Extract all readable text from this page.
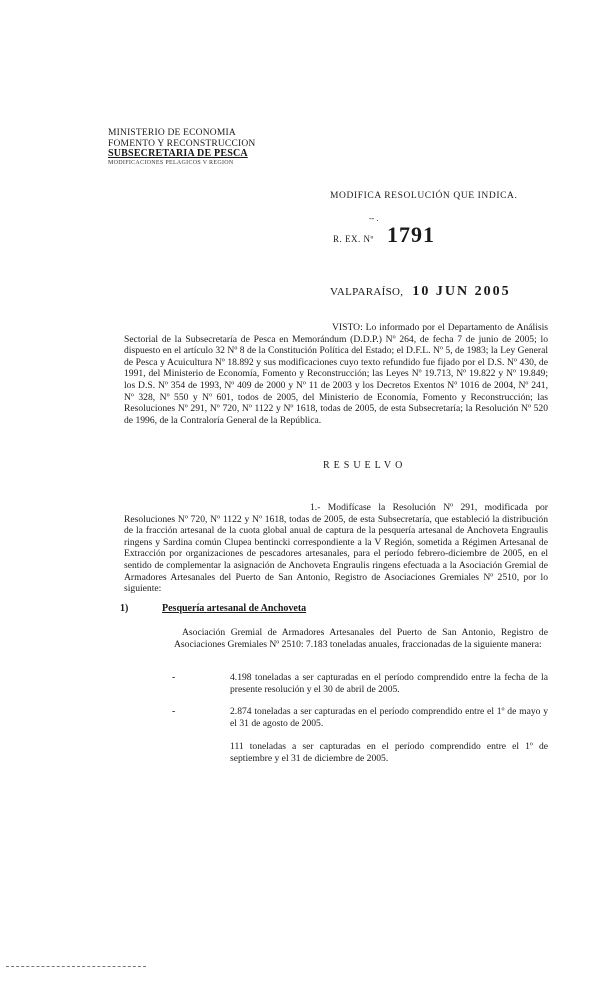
MINISTERIO DE ECONOMIA
FOMENTO Y RECONSTRUCCION
SUBSECRETARIA DE PESCA
MODIFICACIONES PELAGICOS V REGION
MODIFICA RESOLUCIÓN QUE INDICA.
-- .
R. EX. Nº 1791
VALPARAÍSO, 10 JUN 2005
VISTO: Lo informado por el Departamento de Análisis Sectorial de la Subsecretaría de Pesca en Memorándum (D.D.P.) Nº 264, de fecha 7 de junio de 2005; lo dispuesto en el artículo 32 Nº 8 de la Constitución Política del Estado; el D.F.L. Nº 5, de 1983; la Ley General de Pesca y Acuicultura Nº 18.892 y sus modificaciones cuyo texto refundido fue fijado por el D.S. Nº 430, de 1991, del Ministerio de Economía, Fomento y Reconstrucción; las Leyes Nº 19.713, Nº 19.822 y Nº 19.849; los D.S. Nº 354 de 1993, Nº 409 de 2000 y Nº 11 de 2003 y los Decretos Exentos Nº 1016 de 2004, Nº 241, Nº 328, Nº 550 y Nº 601, todos de 2005, del Ministerio de Economía, Fomento y Reconstrucción; las Resoluciones Nº 291, Nº 720, Nº 1122 y Nº 1618, todas de 2005, de esta Subsecretaría; la Resolución Nº 520 de 1996, de la Contraloría General de la República.
RESUELVO
1.- Modifícase la Resolución Nº 291, modificada por Resoluciones Nº 720, Nº 1122 y Nº 1618, todas de 2005, de esta Subsecretaría, que estableció la distribución de la fracción artesanal de la cuota global anual de captura de la pesquería artesanal de Anchoveta Engraulis ringens y Sardina común Clupea bentincki correspondiente a la V Región, sometida a Régimen Artesanal de Extracción por organizaciones de pescadores artesanales, para el período febrero-diciembre de 2005, en el sentido de complementar la asignación de Anchoveta Engraulis ringens efectuada a la Asociación Gremial de Armadores Artesanales del Puerto de San Antonio, Registro de Asociaciones Gremiales Nº 2510, por lo siguiente:
1)	Pesquería artesanal de Anchoveta
Asociación Gremial de Armadores Artesanales del Puerto de San Antonio, Registro de Asociaciones Gremiales Nº 2510: 7.183 toneladas anuales, fraccionadas de la siguiente manera:
-	4.198 toneladas a ser capturadas en el período comprendido entre la fecha de la presente resolución y el 30 de abril de 2005.
-	2.874 toneladas a ser capturadas en el período comprendido entre el 1º de mayo y el 31 de agosto de 2005.
111 toneladas a ser capturadas en el período comprendido entre el 1º de septiembre y el 31 de diciembre de 2005.
